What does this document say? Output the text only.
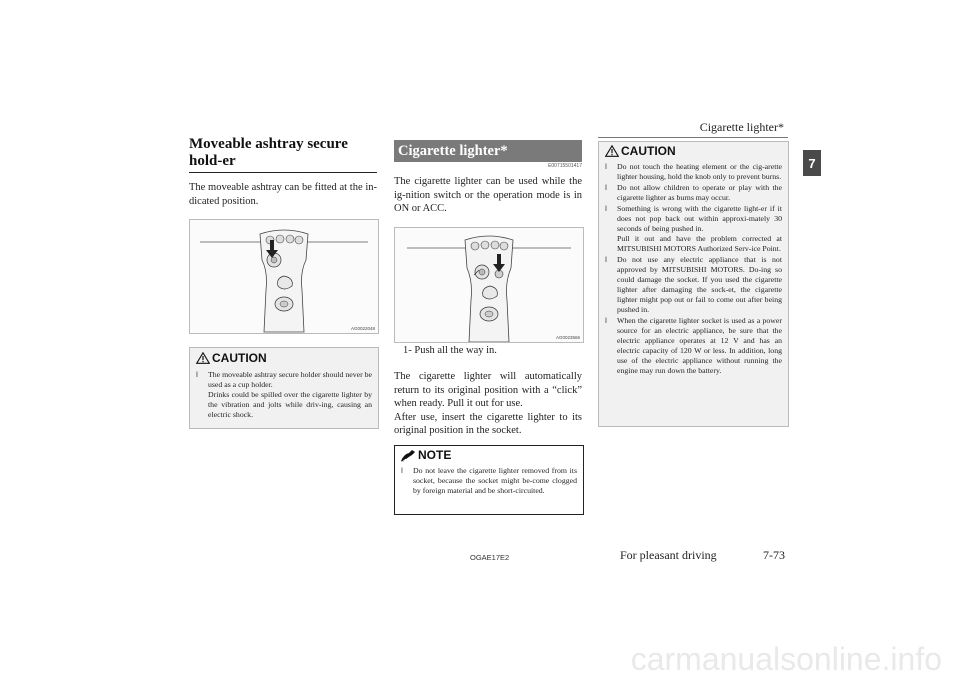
Cigarette lighter*
7
Moveable ashtray secure hold-er
The moveable ashtray can be fitted at the in-dicated position.
AG0022048
CAUTION
l The moveable ashtray secure holder should never be used as a cup holder.
Drinks could be spilled over the cigarette lighter by the vibration and jolts while driv-ing, causing an electric shock.
Cigarette lighter*
E00715501417
The cigarette lighter can be used while the ig-nition switch or the operation mode is in ON or ACC.
AG0023566
1- Push all the way in.
The cigarette lighter will automatically return to its original position with a “click” when ready. Pull it out for use.
After use, insert the cigarette lighter to its original position in the socket.
NOTE
l Do not leave the cigarette lighter removed from its socket, because the socket might be-come clogged by foreign material and be short-circuited.
CAUTION
l Do not touch the heating element or the cig-arette lighter housing, hold the knob only to prevent burns.
l Do not allow children to operate or play with the cigarette lighter as burns may occur.
l Something is wrong with the cigarette light-er if it does not pop back out within approxi-mately 30 seconds of being pushed in.
Pull it out and have the problem corrected at MITSUBISHI MOTORS Authorized Serv-ice Point.
l Do not use any electric appliance that is not approved by MITSUBISHI MOTORS. Do-ing so could damage the socket. If you used the cigarette lighter after damaging the sock-et, the cigarette lighter might pop out or fail to come out after being pushed in.
l When the cigarette lighter socket is used as a power source for an electric appliance, be sure that the electric appliance operates at 12 V and has an electric capacity of 120 W or less. In addition, long use of the electric appliance without running the engine may run down the battery.
OGAE17E2	For pleasant driving	7-73
carmanualsonline.info
